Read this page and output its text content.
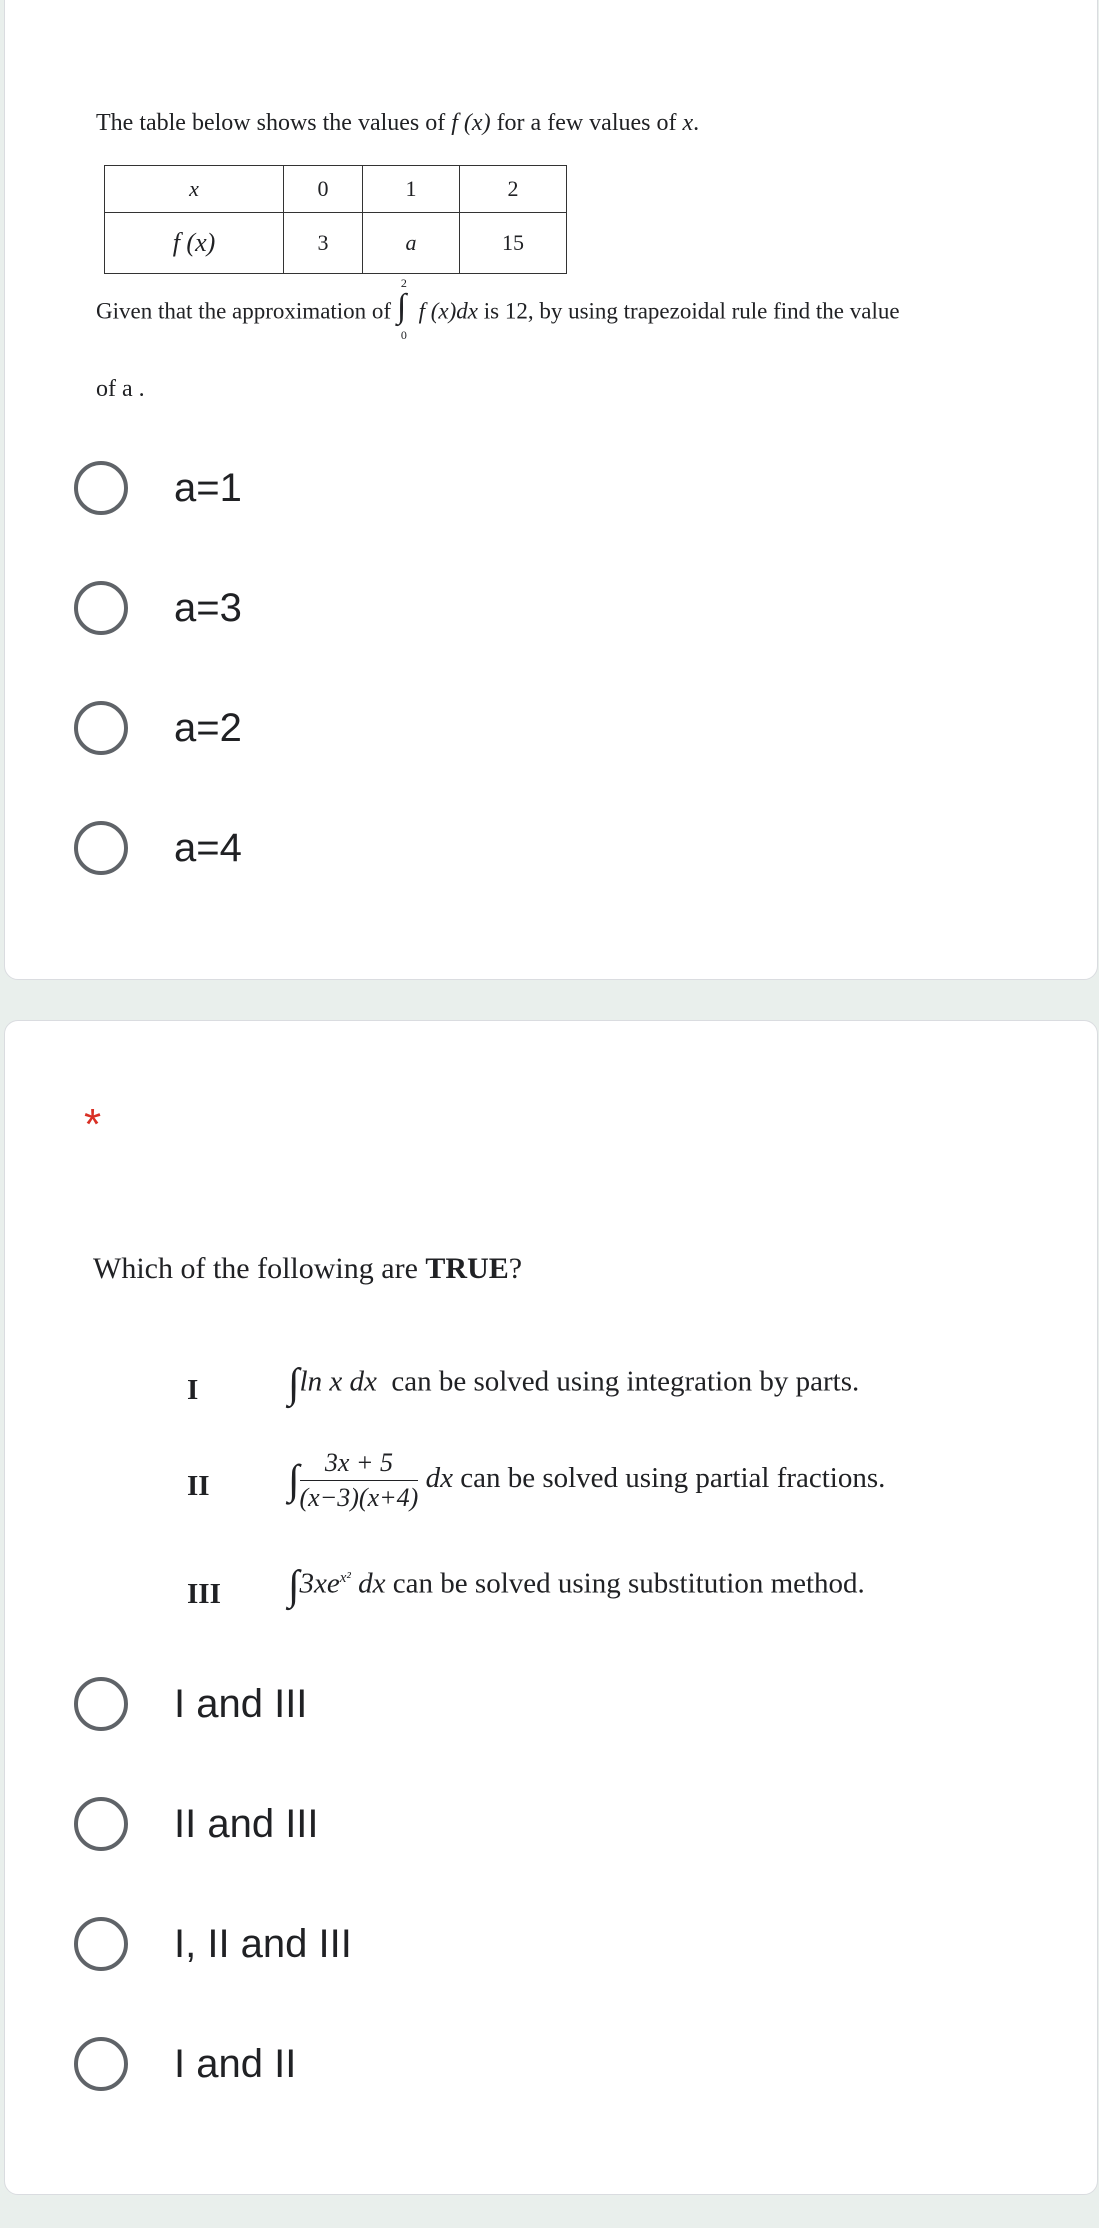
The table below shows the values of f (x) for a few values of x.
x	0	1	2
f (x)	3	a	15
Given that the approximation of ∫
2
0
f (x)dx is 12, by using trapezoidal rule find the value
of a .
a=1
a=3
a=2
a=4
*
Which of the following are TRUE?
I ∫ln x dx can be solved using integration by parts.
II ∫ $\frac{3x + 5}{(x-3)(x+4)}$ dx can be solved using partial fractions.
III $\int 3xe^{x^2}$ dx can be solved using substitution method.
I and III
II and III
I, II and III
I and II
